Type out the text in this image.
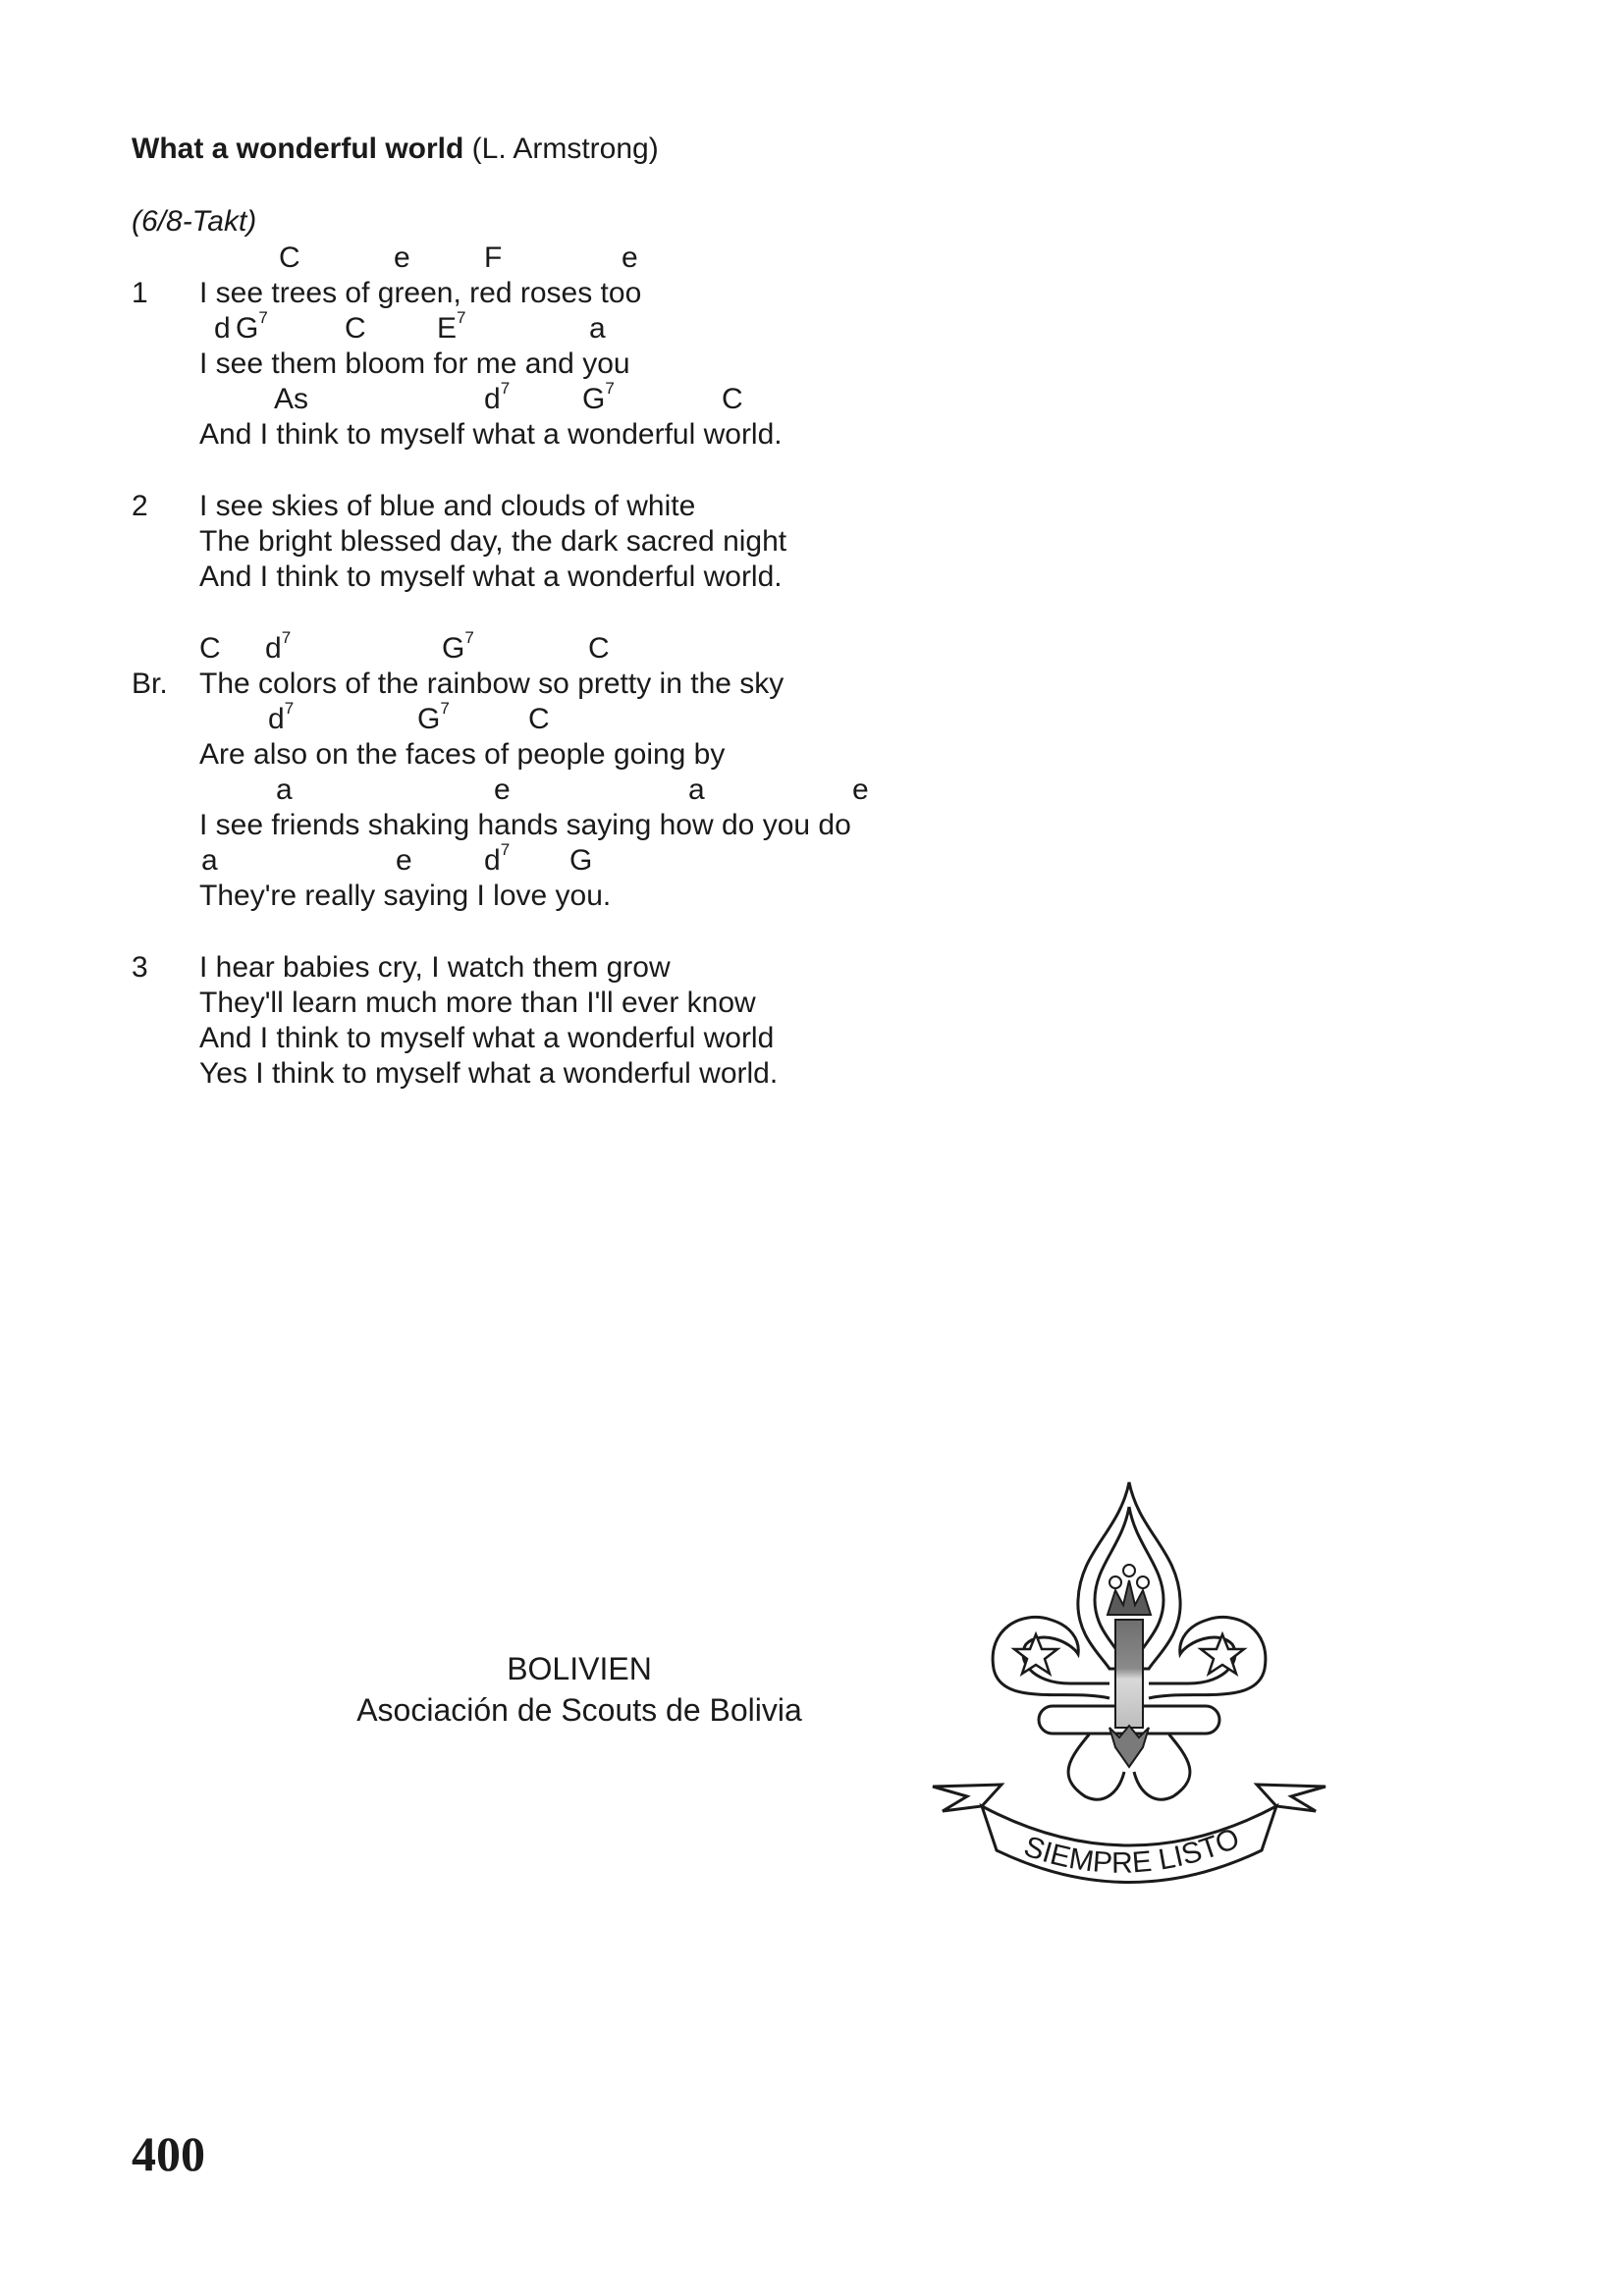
What a wonderful world (L. Armstrong)
(6/8-Takt)
C	e	F	e
1 I see trees of green, red roses too
d $G^7$	C $E^7$	a
I see them bloom for me and you
As	$d^7$ $G^7$	C
And I think to myself what a wonderful world.
2 I see skies of blue and clouds of white
The bright blessed day, the dark sacred night
And I think to myself what a wonderful world.
C $d^7$	$G^7$	C
Br. The colors of the rainbow so pretty in the sky
$d^7$	$G^7$	C
Are also on the faces of people going by
a	e	a	e
I see friends shaking hands saying how do you do
a	e $d^7$ G
They're really saying I love you.
3 I hear babies cry, I watch them grow
They'll learn much more than I'll ever know
And I think to myself what a wonderful world
Yes I think to myself what a wonderful world.
BOLIVIEN
Asociación de Scouts de Bolivia
SIEMPRE LISTO
400
